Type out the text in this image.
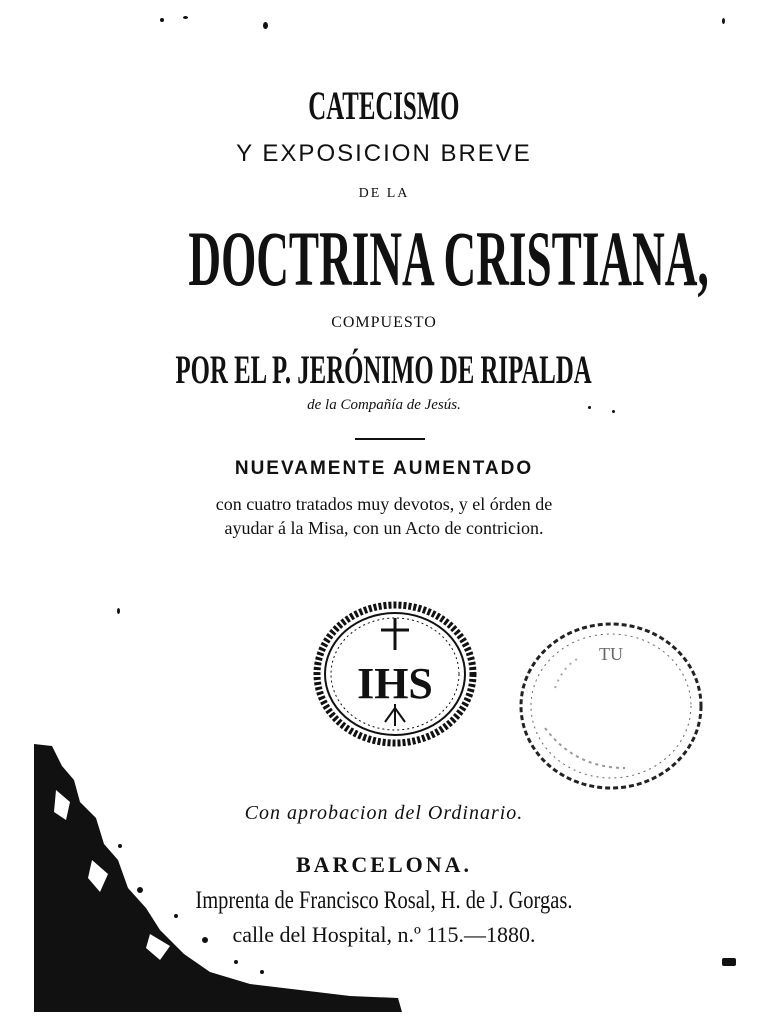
CATECISMO
Y EXPOSICION BREVE
DE LA
DOCTRINA CRISTIANA,
COMPUESTO
POR EL P. JERÓNIMO DE RIPALDA
de la Compañía de Jesús.
NUEVAMENTE AUMENTADO
con cuatro tratados muy devotos, y el órden de
ayudar á la Misa, con un Acto de contricion.
IHS
TU
Con aprobacion del Ordinario.
BARCELONA.
Imprenta de Francisco Rosal, H. de J. Gorgas.
calle del Hospital, n.º 115.—1880.
